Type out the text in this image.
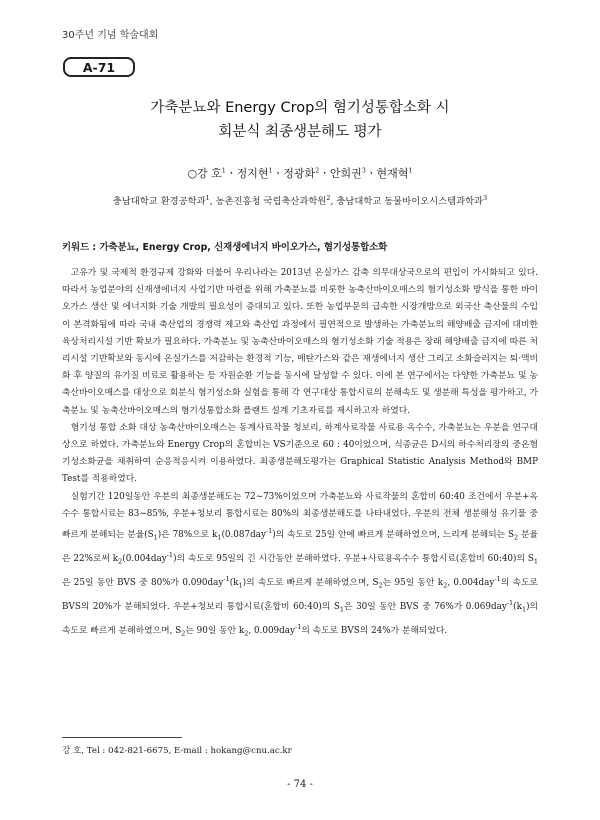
30주년 기념 학술대회
A-71
가축분뇨와 Energy Crop의 혐기성통합소화 시
회분식 최종생분해도 평가
○강 호$^1$ㆍ정지현$^1$ㆍ정광화$^2$ㆍ안희권$^3$ㆍ현재혁$^1$
충남대학교 환경공학과$^1$, 농촌진흥청 국립축산과학원$^2$, 충남대학교 동물바이오시스템과학과$^3$
키워드 : 가축분뇨, Energy Crop, 신재생에너지 바이오가스, 혐기성통합소화

고유가 및 국제적 환경규제 강화와 더불어 우리나라는 2013년 온실가스 감축 의무대상국으로의 편입이 가시화되고 있다. 따라서 농업분야의 신재생에너지 사업기반 마련을 위해 가축분뇨를 비롯한 농축산바이오매스의 혐기성소화 방식을 통한 바이오가스 생산 및 에너지화 기술 개발의 필요성이 증대되고 있다. 또한 농업부문의 급속한 시장개방으로 외국산 축산물의 수입이 본격화됨에 따라 국내 축산업의 경쟁력 제고와 축산업 과정에서 필연적으로 발생하는 가축분뇨의 해양배출 금지에 대비한 육상처리시설 기반 확보가 필요하다. 가축분뇨 및 농축산바이오매스의 혐기성소화 기술 적용은 장래 해양배출 금지에 따른 처리시설 기반확보와 동시에 온실가스를 저감하는 환경적 기능, 메탄가스와 같은 재생에너지 생산 그리고 소화슬러지는 퇴·액비화 후 양질의 유기질 비료로 활용하는 등 자원순환 기능을 동시에 달성할 수 있다. 이에 본 연구에서는 다양한 가축분뇨 및 농축산바이오매스를 대상으로 회분식 혐기성소화 실험을 통해 각 연구대상 통합시료의 분해속도 및 생분해 특성을 평가하고, 가축분뇨 및 농축산바이오매스의 혐기성통합소화 플랜트 설계 기초자료를 제시하고자 하였다.

혐기성 통합 소화 대상 농축산바이오매스는 동계사료작물 청보리, 하계사료작물 사료용 옥수수, 가축분뇨는 우분을 연구대상으로 하였다. 가축분뇨와 Energy Crop의 혼합비는 VS기준으로 60 : 40이었으며, 식종균은 D시의 하수처리장의 중온혐기성소화균을 채취하여 순응적응시켜 이용하였다. 최종생분해도평가는 Graphical Statistic Analysis Method와 BMP Test를 적용하였다.

실험기간 120일동안 우분의 최종생분해도는 72~73%이었으며 가축분뇨와 사료작물의 혼합비 60:40 조건에서 우분+옥수수 통합시료는 83~85%, 우분+청보리 통합시료는 80%의 최종생분해도를 나타내었다. 우분의 전체 생분해성 유기물 중 빠르게 분해되는 분율$(S_1)$은 78%으로 $k_1(0.087day^{-1})$의 속도로 25일 안에 빠르게 분해하였으며, 느리게 분해되는 $S_2$ 분율은 22%로써 $k_2(0.004day^{-1})$의 속도로 95일의 긴 시간동안 분해하였다. 우분+사료용옥수수 통합시료(혼합비 60:40)의 $S_1$은 25일 동안 BVS 중 80%가 $0.090day^{-1}(k_1)$의 속도로 빠르게 분해하였으며, $S_2$는 95일 동안 $k_2$, 0.004day$^{-1}$의 속도로 BVS의 20%가 분해되었다. 우분+청보리 통합시료(혼합비 60:40)의 $S_1$은 30일 동안 BVS 중 76%가 $0.069day^{-1}(k_1)$의 속도로 빠르게 분해하였으며, $S_2$는 90일 동안 $k_2$, 0.009day$^{-1}$의 속도로 BVS의 24%가 분해되었다.

강 호, Tel : 042-821-6675, E-mail : hokang@cnu.ac.kr
- 74 -
